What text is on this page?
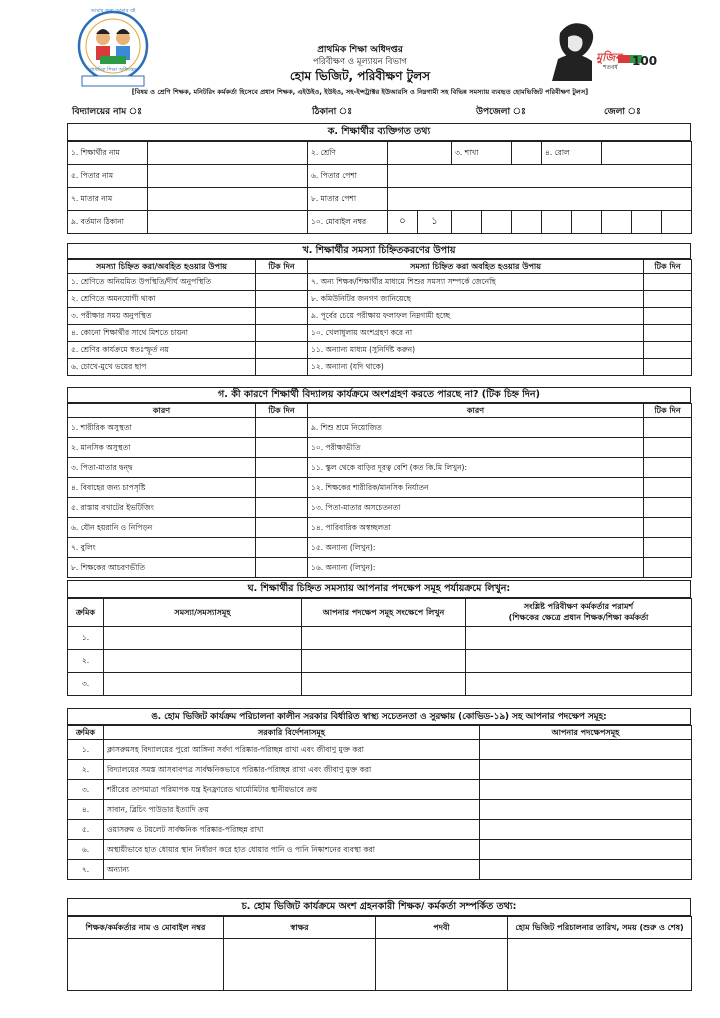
প্রাথমিক শিক্ষা অধিদপ্তর
আমার জন্য আমার বই
মুজিব
শতবর্ষ 100
প্রাথমিক শিক্ষা অধিদপ্তর
পরিবীক্ষণ ও মূল্যায়ন বিভাগ
হোম ভিজিট, পরিবীক্ষণ টুলস
[বিষয় ও শ্রেণি শিক্ষক, মনিটরিং কর্মকর্তা হিসেবে প্রধান শিক্ষক, এইউইও, ইউইও, সহ-ইন্সট্রাক্টর ইউআরসি ও নিম্নগামী সহ বিভিন্ন সমস্যায় ব্যবহৃত হোমভিজিট পরিবীক্ষণ টুলস]
বিদ্যালয়ের নাম ঃ	ঠিকানা ঃ	উপজেলা ঃ	জেলা ঃ
ক. শিক্ষার্থীর ব্যক্তিগত তথ্য
১. শিক্ষার্থীর নাম		২. শ্রেণি			৩. শাখা			৪. রোল				
৫. পিতার নাম		৬. পিতার পেশা										
৭. মাতার নাম		৮. মাতার পেশা										
৯. বর্তমান ঠিকানা		১০. মোবাইল নম্বর	০	১								
খ. শিক্ষার্থীর সমস্যা চিহ্নিতকরণের উপায়
সমস্যা চিহ্নিত করা/অবহিত হওয়ার উপায়	টিক দিন	সমস্যা চিহ্নিত করা অবহিত হওয়ার উপায়	টিক দিন
১. শ্রেণিতে অনিয়মিত উপস্থিতি/দীর্ঘ অনুপস্থিতি		৭. অন্য শিক্ষক/শিক্ষার্থীর মাধ্যমে শিশুর সমস্যা সম্পর্কে জেনেছি	
২. শ্রেণিতে অমনযোগী থাকা		৮. কমিউনিটির জনগণ জানিয়েছে	
৩. পরীক্ষার সময় অনুপস্থিত		৯. পূর্বের চেয়ে পরীক্ষায় ফলাফল নিম্নগামী হচ্ছে	
৪. কোনো শিক্ষার্থীর সাথে মিশতে চায়না		১০. খেলাধুলায় অংশগ্রহণ করে না	
৫. শ্রেণির কার্যক্রমে স্বতঃস্ফূর্ত নয়		১১. অন্যান্য মাধ্যম (সুনির্দিষ্ট করুন)	
৬. চোখে-মুখে ভয়ের ছাপ		১২. অন্যান্য (যদি থাকে)	
গ. কী কারণে শিক্ষার্থী বিদ্যালয় কার্যক্রমে অংশগ্রহণ করতে পারছে না? (টিক চিহ্ন দিন)
কারণ	টিক দিন	কারণ	টিক দিন
১. শারীরিক অসুস্থতা		৯. শিশু শ্রমে নিয়োজিত	
২. মানসিক অসুস্থতা		১০. পরীক্ষাভীতি	
৩. পিতা-মাতার দ্বন্দ্ব		১১. স্কুল থেকে বাড়ির দূরত্ব বেশি (কত কি.মি লিখুন):	
৪. বিবাহের জন্য চাপসৃষ্টি		১২. শিক্ষকের শারীরিক/মানসিক নির্যাতন	
৫. রাস্তায় বখাটের ইভটিজিং		১৩. পিতা-মাতার অসচেতনতা	
৬. যৌন হয়রানি ও নিপিড়ন		১৪. পারিবারিক অস্বচ্ছলতা	
৭. বুলিং		১৫. অন্যান্য (লিখুন):	
৮. শিক্ষকের আচরণভীতি		১৬. অন্যান্য (লিখুন):	
ঘ. শিক্ষার্থীর চিহ্নিত সমস্যায় আপনার পদক্ষেপ সমূহ পর্যায়ক্রমে লিখুন:
ক্রমিক	সমস্যা/সমস্যাসমূহ	আপনার পদক্ষেপ সমূহ সংক্ষেপে লিখুন	সংশ্লিষ্ট পরিবীক্ষণ কর্মকর্তার পরামর্শ
(শিক্ষকের ক্ষেত্রে প্রধান শিক্ষক/শিক্ষা কর্মকর্তা

১.			
২.			
৩.			
ঙ. হোম ভিজিট কার্যক্রম পরিচালনা কালীন সরকার বির্ধারিত স্বাস্থ্য সচেতনতা ও সুরক্ষায় (কোভিড-১৯) সহ আপনার পদক্ষেপ সমূহ:
ক্রমিক	সরকারি বির্দেশনাসমূহ	আপনার পদক্ষেপসমূহ
১.	ক্লাসরুমসহ বিদ্যালয়ের পুরো আঙ্গিনা সর্বদা পরিষ্কার-পরিচ্ছন্ন রাখা এবং জীবাণু মুক্ত করা	
২.	বিদ্যালয়ের সমস্ত আসবাবপত্র সার্বক্ষনিকভাবে পরিষ্কার-পরিচ্ছন্ন রাখা এবং জীবাণু মুক্ত করা	
৩.	শরীরের তাপমাত্রা পরিমাপক যন্ত্র ইনফ্রারেড থার্মোমিটার স্থানীয়ভাবে ক্রয়	
৪.	সাবান, ব্লিচিং পাউডার ইত্যাদি ক্রয়	
৫.	ওয়াসরুম ও টয়লেট সার্বক্ষনিক পরিষ্কার-পরিচ্ছন্ন রাখা	
৬.	অস্থায়ীভাবে হাত ধোয়ার স্থান নির্ধারণ করে হাত ধোয়ার পানি ও পানি নিষ্কাশনের ব্যবস্থা করা	
৭.	অন্যান্য	
চ. হোম ভিজিট কার্যক্রমে অংশ গ্রহনকারী শিক্ষক/ কর্মকর্তা সম্পর্কিত তথ্য:
শিক্ষক/কর্মকর্তার নাম ও মোবাইল নম্বর	স্বাক্ষর	পদবী	হোম ভিজিট পরিচালনার তারিখ, সময় (শুরু ও শেষ)
